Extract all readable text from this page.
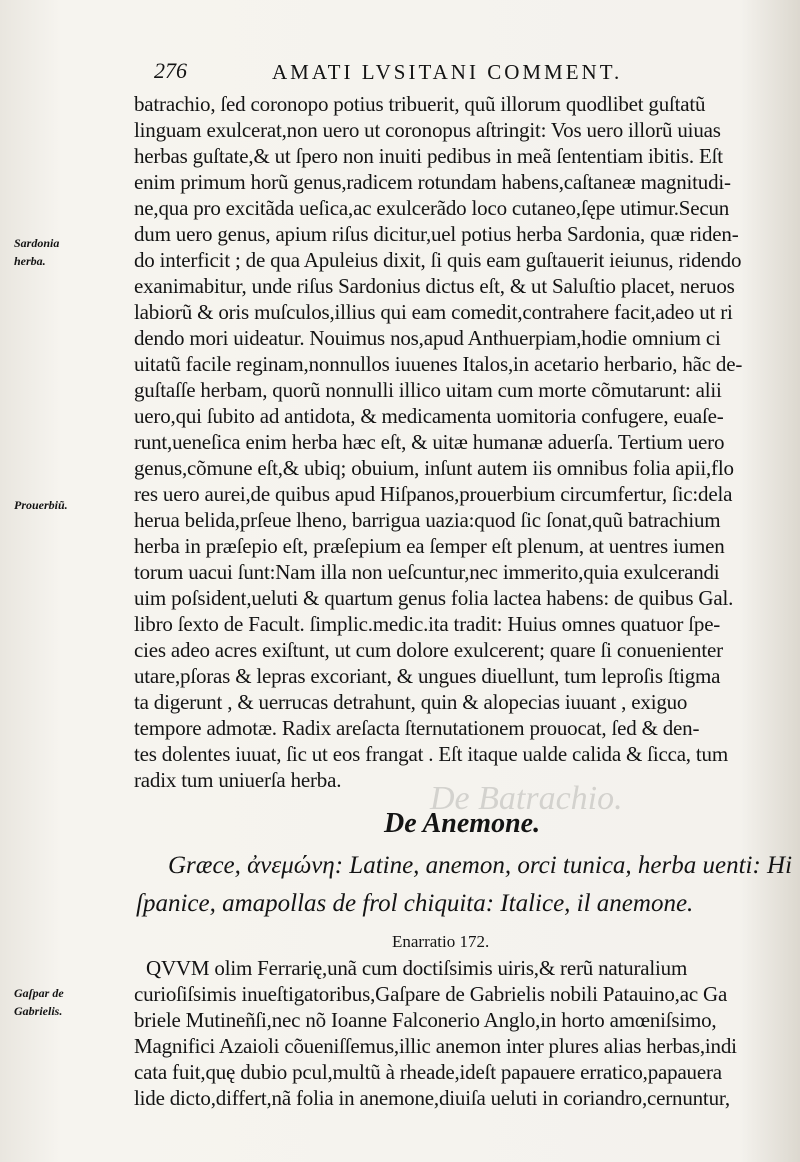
De Batrachio.
276	AMATI LVSITANI COMMENT.
Sardonia
herba.
Prouerbiũ.
Gaſpar de
Gabrielis.
batrachio, ſed coronopo potius tribuerit, quũ illorum quodlibet guſtatũ
linguam exulcerat,non uero ut coronopus aſtringit: Vos uero illorũ uiuas
herbas guſtate,& ut ſpero non inuiti pedibus in meã ſententiam ibitis. Eſt
enim primum horũ genus,radicem rotundam habens,caſtaneæ magnitudi-
ne,qua pro excitãda ueſica,ac exulcerãdo loco cutaneo,ſępe utimur.Secun
dum uero genus, apium riſus dicitur,uel potius herba Sardonia, quæ riden-
do interficit ; de qua Apuleius dixit, ſi quis eam guſtauerit ieiunus, ridendo
exanimabitur, unde riſus Sardonius dictus eſt, & ut Saluſtio placet, neruos
labiorũ & oris muſculos,illius qui eam comedit,contrahere facit,adeo ut ri
dendo mori uideatur. Nouimus nos,apud Anthuerpiam,hodie omnium ci
uitatũ facile reginam,nonnullos iuuenes Italos,in acetario herbario, hãc de-
guſtaſſe herbam, quorũ nonnulli illico uitam cum morte cõmutarunt: alii
uero,qui ſubito ad antidota, & medicamenta uomitoria confugere, euaſe-
runt,ueneſica enim herba hæc eſt, & uitæ humanæ aduerſa. Tertium uero
genus,cõmune eſt,& ubiq; obuium, inſunt autem iis omnibus folia apii,flo
res uero aurei,de quibus apud Hiſpanos,prouerbium circumfertur, ſic:dela
herua belida,prſeue lheno, barrigua uazia:quod ſic ſonat,quũ batrachium
herba in præſepio eſt, præſepium ea ſemper eſt plenum, at uentres iumen
torum uacui ſunt:Nam illa non ueſcuntur,nec immerito,quia exulcerandi
uim poſsident,ueluti & quartum genus folia lactea habens: de quibus Gal.
libro ſexto de Facult. ſimplic.medic.ita tradit: Huius omnes quatuor ſpe-
cies adeo acres exiſtunt, ut cum dolore exulcerent; quare ſi conuenienter
utare,pſoras & lepras excoriant, & ungues diuellunt, tum leproſis ſtigma
ta digerunt , & uerrucas detrahunt, quin & alopecias iuuant , exiguo
tempore admotæ. Radix areſacta ſternutationem prouocat, ſed & den-
tes dolentes iuuat, ſic ut eos frangat . Eſt itaque ualde calida & ſicca, tum
radix tum uniuerſa herba.
De Anemone.
Græce, ἀνεμώνη: Latine, anemon, orci tunica, herba uenti: Hi
ſpanice, amapollas de frol chiquita: Italice, il anemone.
Enarratio 172.
QVVM olim Ferrarię,unã cum doctiſsimis uiris,& rerũ naturalium
curioſiſsimis inueſtigatoribus,Gaſpare de Gabrielis nobili Patauino,ac Ga
briele Mutineñſi,nec nõ Ioanne Falconerio Anglo,in horto amœniſsimo,
Magnifici Azaioli cõueniſſemus,illic anemon inter plures alias herbas,indi
cata fuit,quę dubio pcul,multũ à rheade,ideſt papauere erratico,papauera
lide dicto,differt,nã folia in anemone,diuiſa ueluti in coriandro,cernuntur,
